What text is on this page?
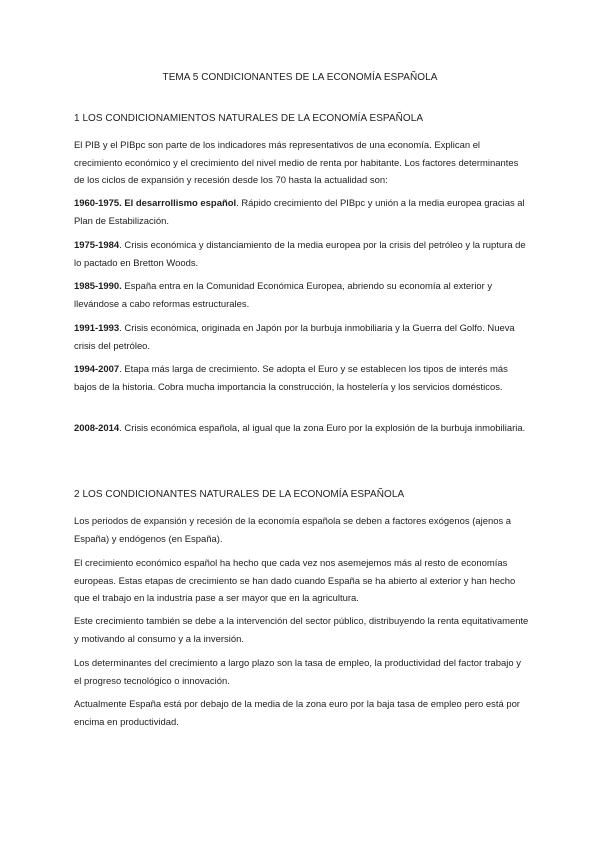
TEMA 5 CONDICIONANTES DE LA ECONOMÍA ESPAÑOLA
1 LOS CONDICIONAMIENTOS NATURALES DE LA ECONOMÍA ESPAÑOLA

El PIB y el PIBpc son parte de los indicadores más representativos de una economía. Explican el crecimiento económico y el crecimiento del nivel medio de renta por habitante. Los factores determinantes de los ciclos de expansión y recesión desde los 70 hasta la actualidad son:

1960-1975. El desarrollismo español. Rápido crecimiento del PIBpc y unión a la media europea gracias al Plan de Estabilización.

1975-1984. Crisis económica y distanciamiento de la media europea por la crisis del petróleo y la ruptura de lo pactado en Bretton Woods.

1985-1990. España entra en la Comunidad Económica Europea, abriendo su economía al exterior y llevándose a cabo reformas estructurales.

1991-1993. Crisis económica, originada en Japón por la burbuja inmobiliaria y la Guerra del Golfo. Nueva crisis del petróleo.

1994-2007. Etapa más larga de crecimiento. Se adopta el Euro y se establecen los tipos de interés más bajos de la historia. Cobra mucha importancia la construcción, la hostelería y los servicios domésticos.

2008-2014. Crisis económica española, al igual que la zona Euro por la explosión de la burbuja inmobiliaria.

2 LOS CONDICIONANTES NATURALES DE LA ECONOMÍA ESPAÑOLA

Los periodos de expansión y recesión de la economía española se deben a factores exógenos (ajenos a España) y endógenos (en España).

El crecimiento económico español ha hecho que cada vez nos asemejemos más al resto de economías europeas. Estas etapas de crecimiento se han dado cuando España se ha abierto al exterior y han hecho que el trabajo en la industria pase a ser mayor que en la agricultura.

Este crecimiento también se debe a la intervención del sector público, distribuyendo la renta equitativamente y motivando al consumo y a la inversión.

Los determinantes del crecimiento a largo plazo son la tasa de empleo, la productividad del factor trabajo y el progreso tecnológico o innovación.

Actualmente España está por debajo de la media de la zona euro por la baja tasa de empleo pero está por encima en productividad.
